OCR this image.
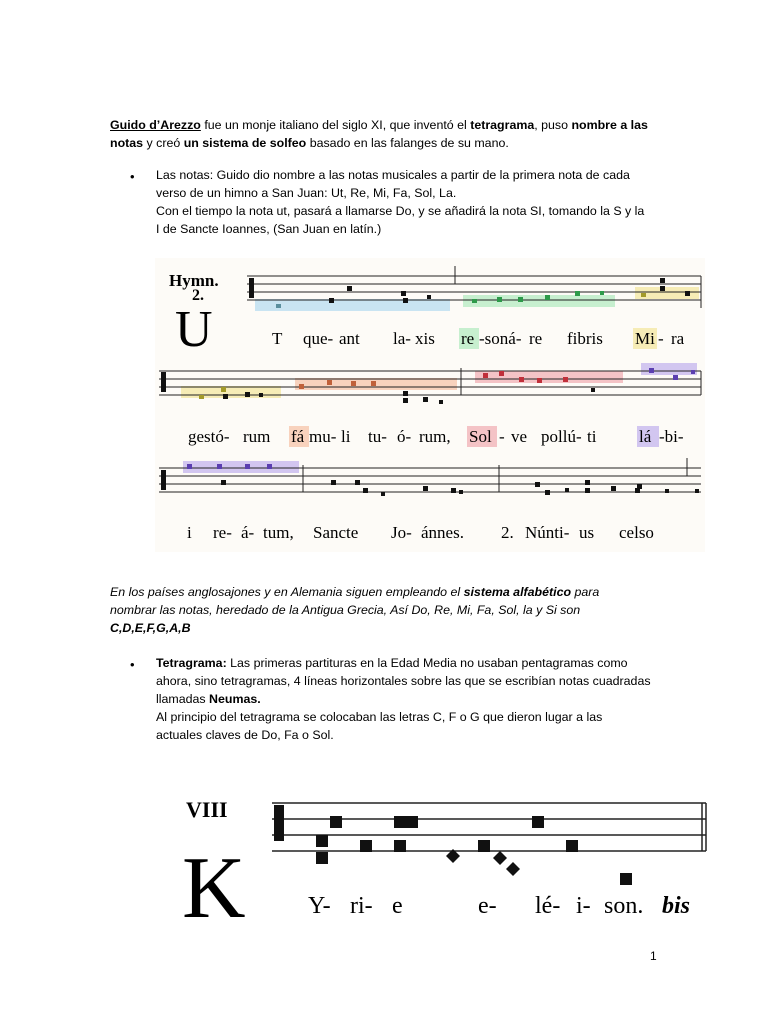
Guido d’Arezzo fue un monje italiano del siglo XI, que inventó el tetragrama, puso nombre a las notas y creó un sistema de solfeo basado en las falanges de su mano.

• Las notas: Guido dio nombre a las notas musicales a partir de la primera nota de cada verso de un himno a San Juan: Ut, Re, Mi, Fa, Sol, La.
Con el tiempo la nota ut, pasará a llamarse Do, y se añadirá la nota SI, tomando la S y la I de Sancte Ioannes, (San Juan en latín.)

Hymn.
2.
U	T que- ant la- xis re -soná- re fibris Mi - ra
gestó- rum fá mu- li tu- ó- rum, Sol - ve pollú- ti	lá -bi-
i re- á- tum, Sancte Jo- ánnes. 2. Núnti- us celso

En los países anglosajones y en Alemania siguen empleando el sistema alfabético para nombrar las notas, heredado de la Antigua Grecia, Así Do, Re, Mi, Fa, Sol, la y Si son C,D,E,F,G,A,B

• Tetragrama: Las primeras partituras en la Edad Media no usaban pentagramas como ahora, sino tetragramas, 4 líneas horizontales sobre las que se escribían notas cuadradas llamadas Neumas.
Al principio del tetragrama se colocaban las letras C, F o G que dieron lugar a las actuales claves de Do, Fa o Sol.

VIII
K	Y- ri- e	e- lé- i- son. bis
1
